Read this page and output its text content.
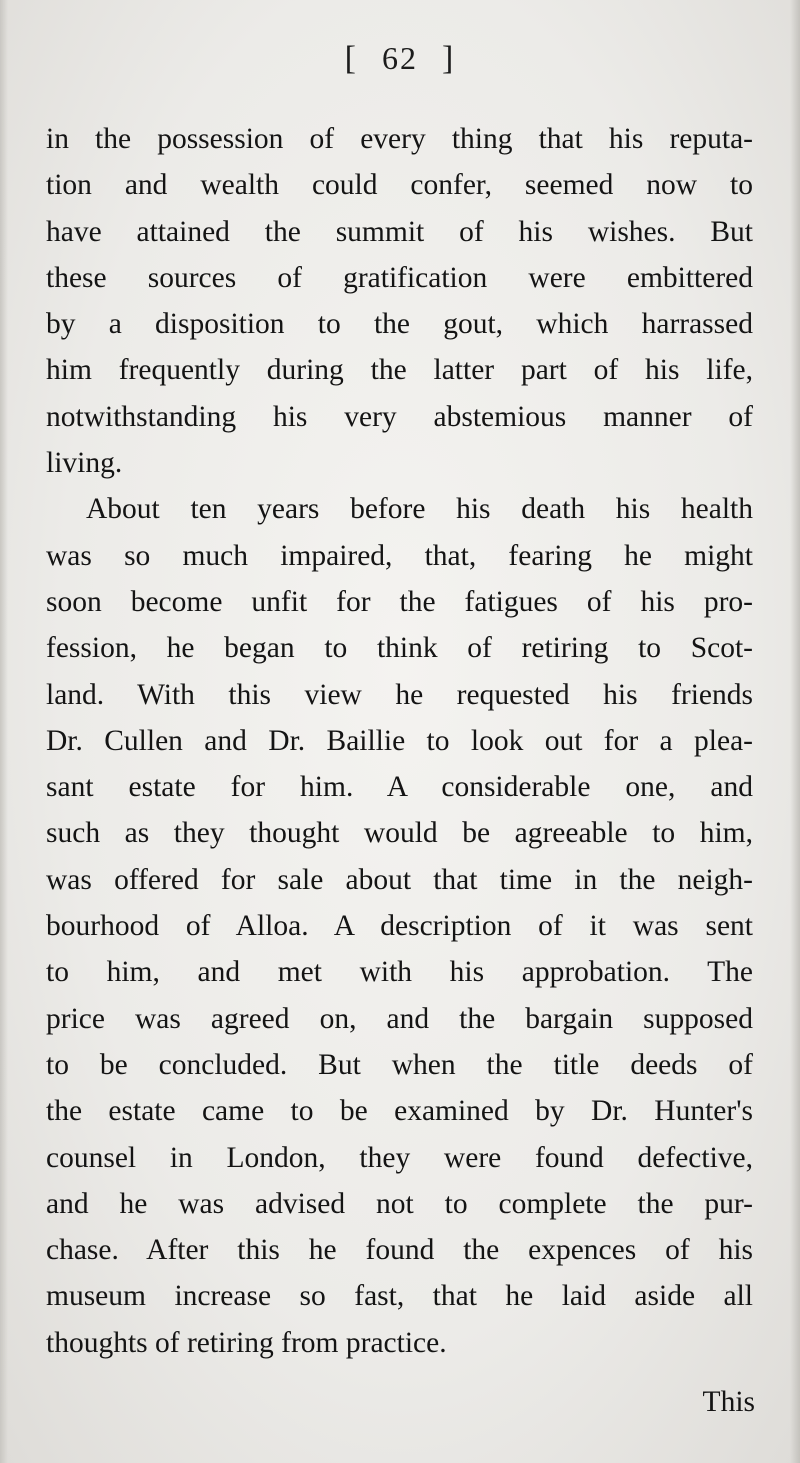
[ 62 ]

in the possession of every thing that his reputa-
tion and wealth could confer, seemed now to
have attained the summit of his wishes. But
these sources of gratification were embittered
by a disposition to the gout, which harrassed
him frequently during the latter part of his life,
notwithstanding his very abstemious manner of
living.

About ten years before his death his health
was so much impaired, that, fearing he might
soon become unfit for the fatigues of his pro-
fession, he began to think of retiring to Scot-
land. With this view he requested his friends
Dr. Cullen and Dr. Baillie to look out for a plea-
sant estate for him. A considerable one, and
such as they thought would be agreeable to him,
was offered for sale about that time in the neigh-
bourhood of Alloa. A description of it was sent
to him, and met with his approbation. The
price was agreed on, and the bargain supposed
to be concluded. But when the title deeds of
the estate came to be examined by Dr. Hunter's
counsel in London, they were found defective,
and he was advised not to complete the pur-
chase. After this he found the expences of his
museum increase so fast, that he laid aside all
thoughts of retiring from practice.

This
